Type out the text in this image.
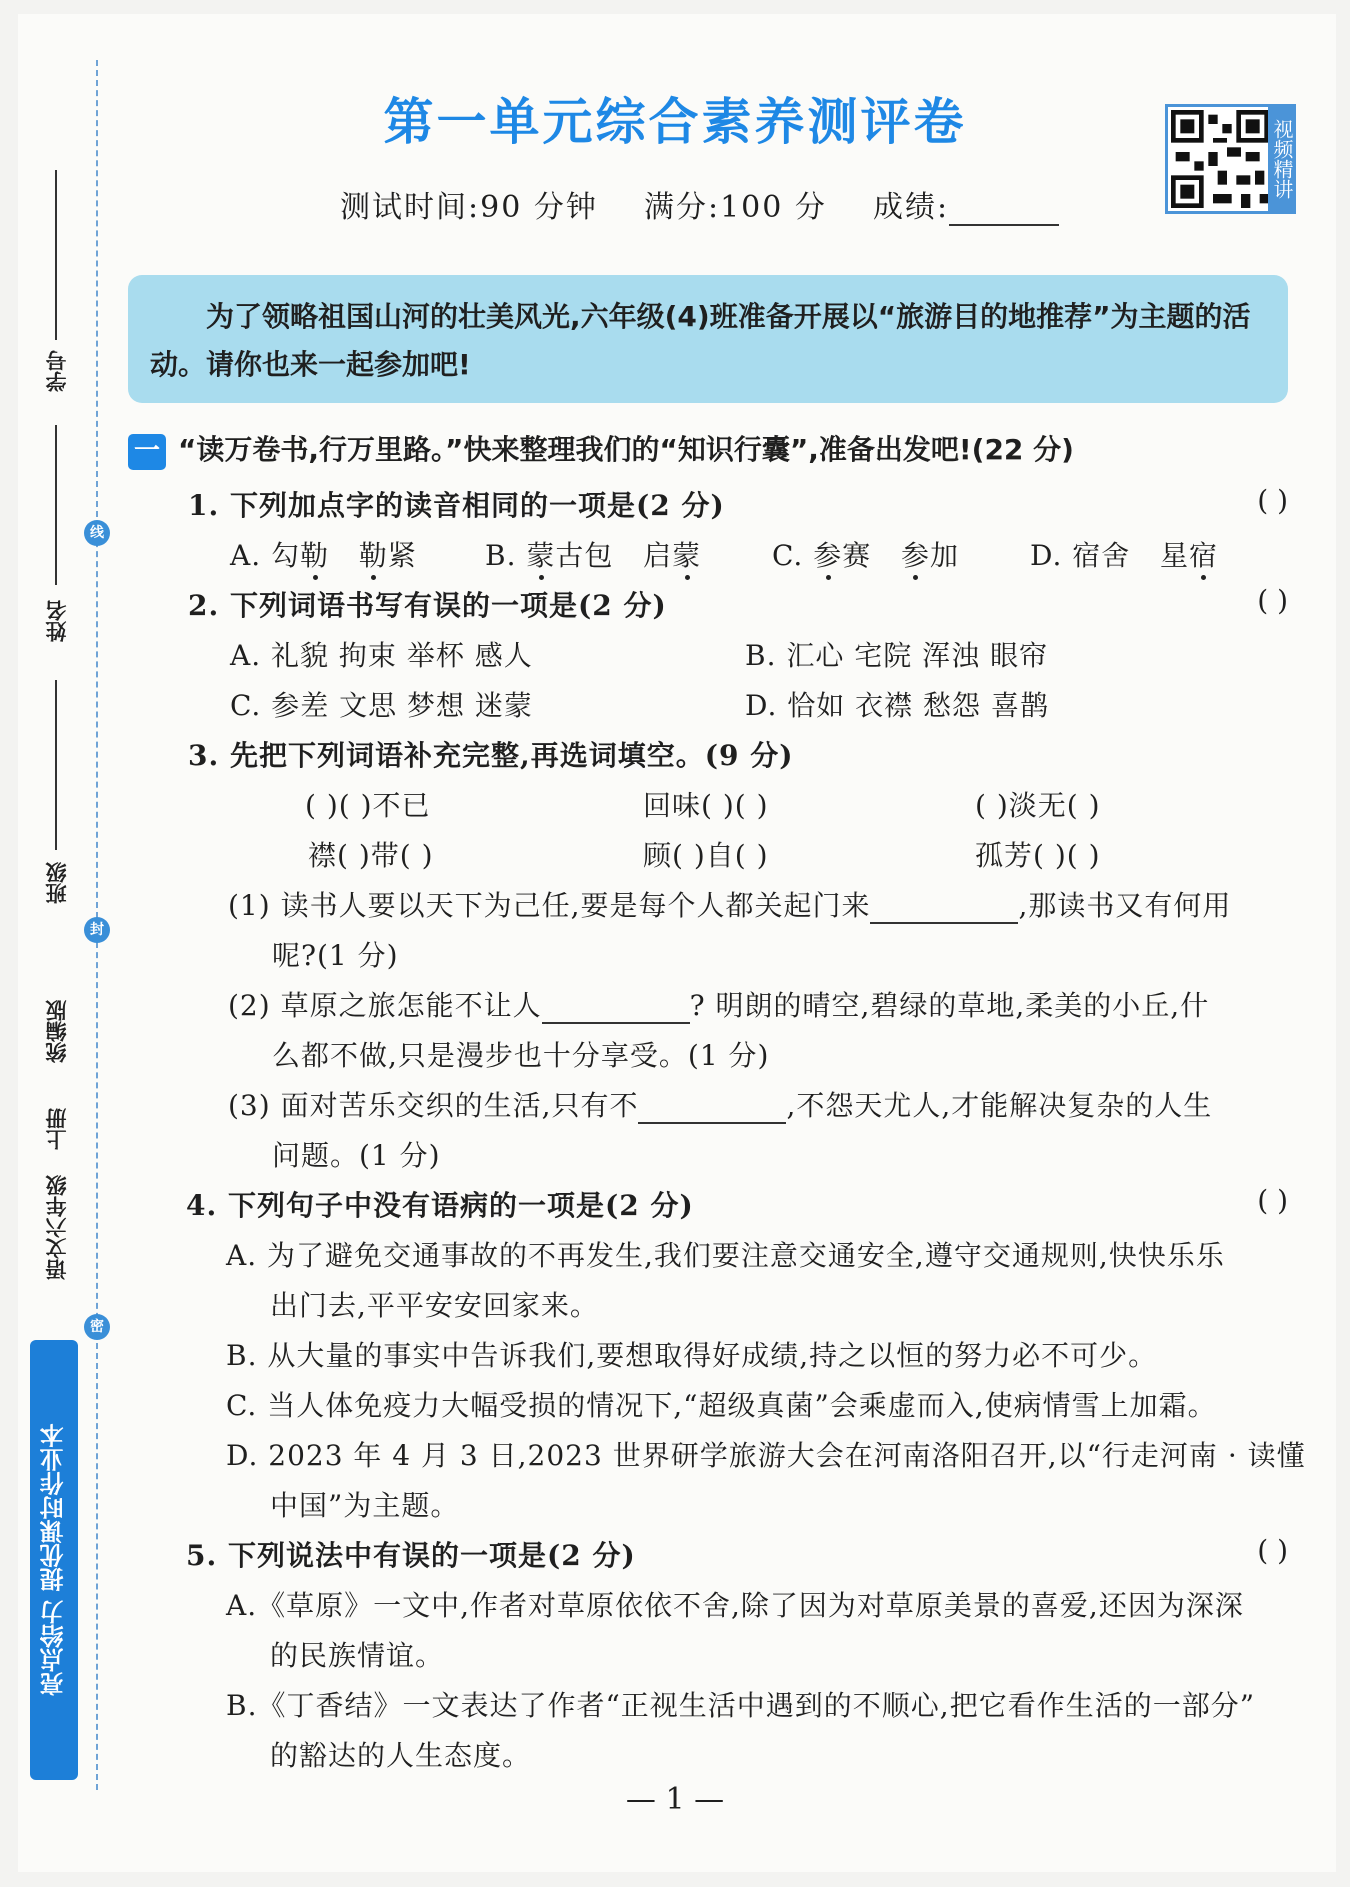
学号
姓名
班级
统编版
上册
语文六年级
线
封
密
亮点给力 提优课时作业本
第一单元综合素养测评卷
测试时间:90 分钟 满分:100 分 成绩:
视频精讲
为了领略祖国山河的壮美风光,六年级(4)班准备开展以“旅游目的地推荐”为主题的活动。请你也来一起参加吧!
一 “读万卷书,行万里路。”快来整理我们的“知识行囊”,准备出发吧!(22 分)
1. 下列加点字的读音相同的一项是(2 分)	( )
A. 勾勒 勒紧 B. 蒙古包   启蒙	C. 参赛   参加	D. 宿舍   星宿
2. 下列词语书写有误的一项是(2 分)	( )
A. 礼貌 拘束 举杯 感人	B. 汇心 宅院 浑浊 眼帘
C. 参差 文思 梦想 迷蒙	D. 恰如 衣襟 愁怨 喜鹊
3. 先把下列词语补充完整,再选词填空。(9 分)
( )( )不已	回味( )( )	( )淡无( )
襟( )带( )	顾( )自( )	孤芳( )( )
(1) 读书人要以天下为己任,要是每个人都关起门来	,那读书又有何用
呢?(1 分)
(2) 草原之旅怎能不让人	? 明朗的晴空,碧绿的草地,柔美的小丘,什
么都不做,只是漫步也十分享受。(1 分)
(3) 面对苦乐交织的生活,只有不	,不怨天尤人,才能解决复杂的人生
问题。(1 分)
4. 下列句子中没有语病的一项是(2 分)	( )
A. 为了避免交通事故的不再发生,我们要注意交通安全,遵守交通规则,快快乐乐
出门去,平平安安回家来。
B. 从大量的事实中告诉我们,要想取得好成绩,持之以恒的努力必不可少。
C. 当人体免疫力大幅受损的情况下,“超级真菌”会乘虚而入,使病情雪上加霜。
D. 2023 年 4 月 3 日,2023 世界研学旅游大会在河南洛阳召开,以“行走河南 · 读懂
中国”为主题。
5. 下列说法中有误的一项是(2 分)	( )
A.《草原》一文中,作者对草原依依不舍,除了因为对草原美景的喜爱,还因为深深
的民族情谊。
B.《丁香结》一文表达了作者“正视生活中遇到的不顺心,把它看作生活的一部分”
的豁达的人生态度。
— 1 —
